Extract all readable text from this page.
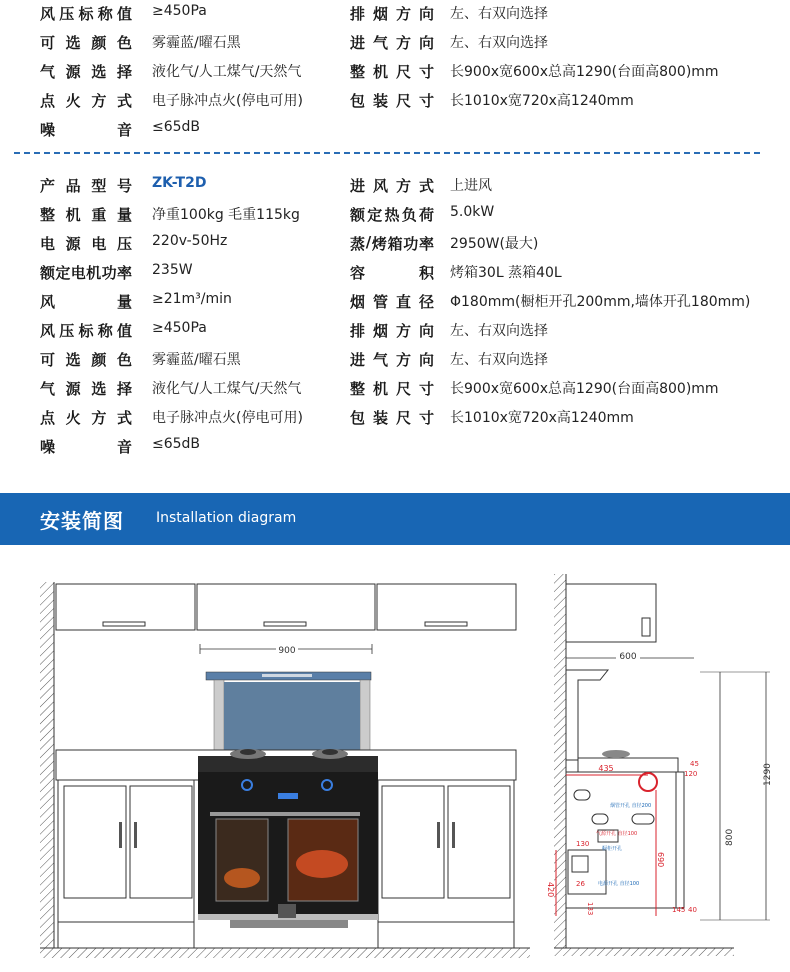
风 压 标 称 值 ≥450Pa	排 烟 方 向 左、右双向选择
可 选 颜 色 雾霾蓝/曜石黑	进 气 方 向 左、右双向选择
气 源 选 择 液化气/人工煤气/天然气	整 机 尺 寸 长900x宽600x总高1290(台面高800)mm
点 火 方 式 电子脉冲点火(停电可用)	包 装 尺 寸 长1010x宽720x高1240mm
噪	音 ≤65dB
产 品 型 号 ZK-T2D	进 风 方 式 上进风
整 机 重 量 净重100kg 毛重115kg	额 定 热 负 荷 5.0kW
电 源 电 压 220v-50Hz	蒸 / 烤 箱 功 率 2950W(最大)
额 定 电 机 功 率 235W	容	积 烤箱30L 蒸箱40L
风	量 ≥21m³/min	烟 管 直 径 Φ180mm(橱柜开孔200mm,墙体开孔180mm)
风 压 标 称 值 ≥450Pa	排 烟 方 向 左、右双向选择
可 选 颜 色 雾霾蓝/曜石黑	进 气 方 向 左、右双向选择
气 源 选 择 液化气/人工煤气/天然气	整 机 尺 寸 长900x宽600x总高1290(台面高800)mm
点 火 方 式 电子脉冲点火(停电可用)	包 装 尺 寸 长1010x宽720x高1240mm
噪	音 ≤65dB
安装简图 Installation diagram
900
600
435	45
120
690
420
133
130
26
145 40
1290
800
烟管开孔 直径200
气源开孔 直径100
橱柜开孔
电源开孔 直径100
